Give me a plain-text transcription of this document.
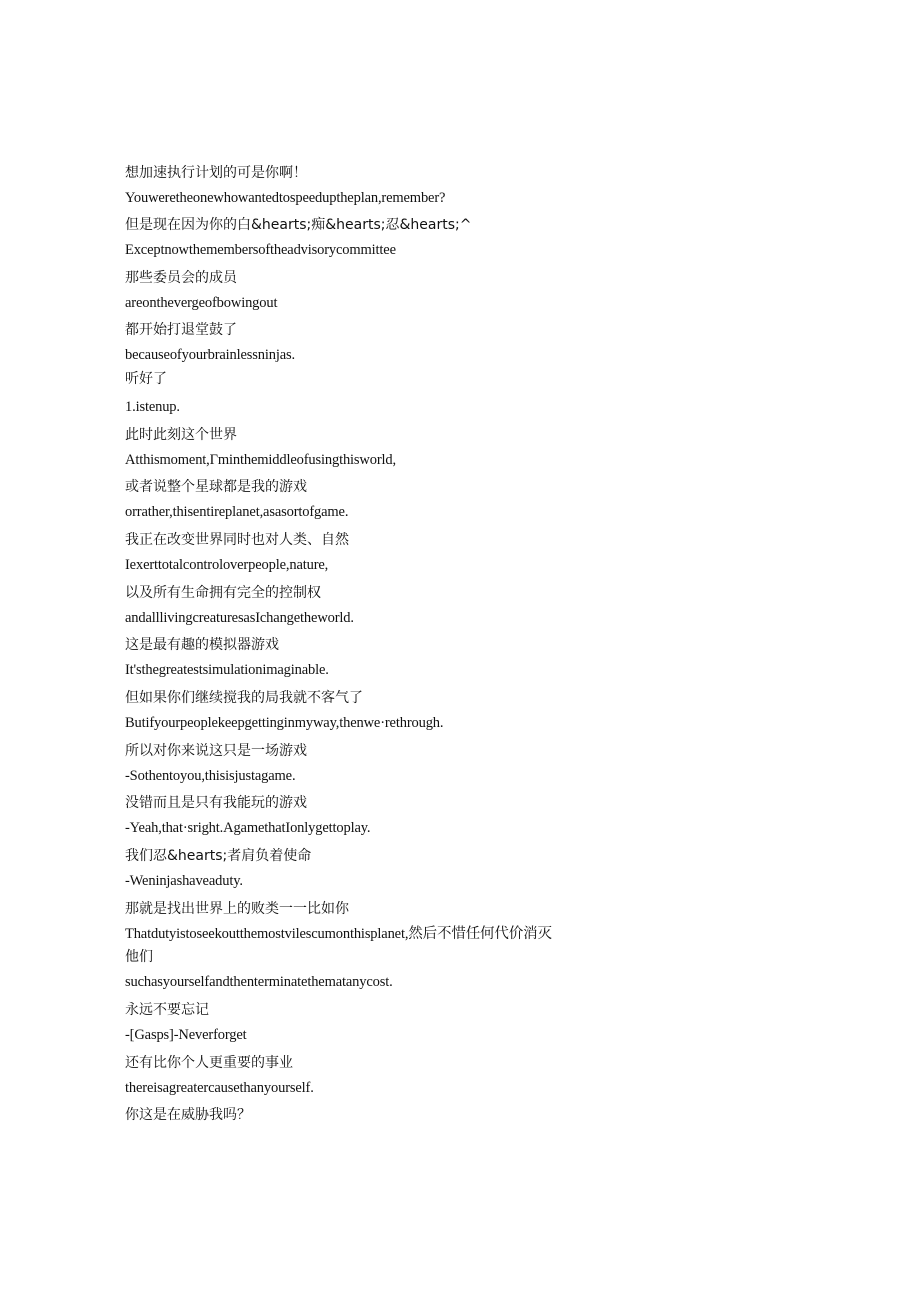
想加速执行计划的可是你啊！
Youweretheonewhowantedtospeeduptheplan,remember?
但是现在因为你的白&hearts;痴&hearts;忍&hearts;^
Exceptnowthemembersoftheadvisorycommittee
那些委员会的成员
areonthevergeofbowingout
都开始打退堂鼓了
becauseofyourbrainlessninjas.
听好了
1.istenup.
此时此刻这个世界
Atthismoment,Γminthemiddleofusingthisworld,
或者说整个星球都是我的游戏
orrather,thisentireplanet,asasortofgame.
我正在改变世界同时也对人类、自然
Iexerttotalcontroloverpeople,nature,
以及所有生命拥有完全的控制权
andalllivingcreaturesasIchangetheworld.
这是最有趣的模拟器游戏
It'sthegreatestsimulationimaginable.
但如果你们继续搅我的局我就不客气了
Butifyourpeoplekeepgettinginmyway,thenwe·rethrough.
所以对你来说这只是一场游戏
-Sothentoyou,thisisjustagame.
没错而且是只有我能玩的游戏
-Yeah,that·sright.AgamethatIonlygettoplay.
我们忍&hearts;者肩负着使命
-Weninjashaveaduty.
那就是找出世界上的败类一一比如你
Thatdutyistoseekoutthemostvilescumonthisplanet,然后不惜任何代价消灭
他们
suchasyourselfandthenterminatethematanycost.
永远不要忘记
-[Gasps]-Neverforget
还有比你个人更重要的事业
thereisagreatercausethanyourself.
你这是在威胁我吗？
